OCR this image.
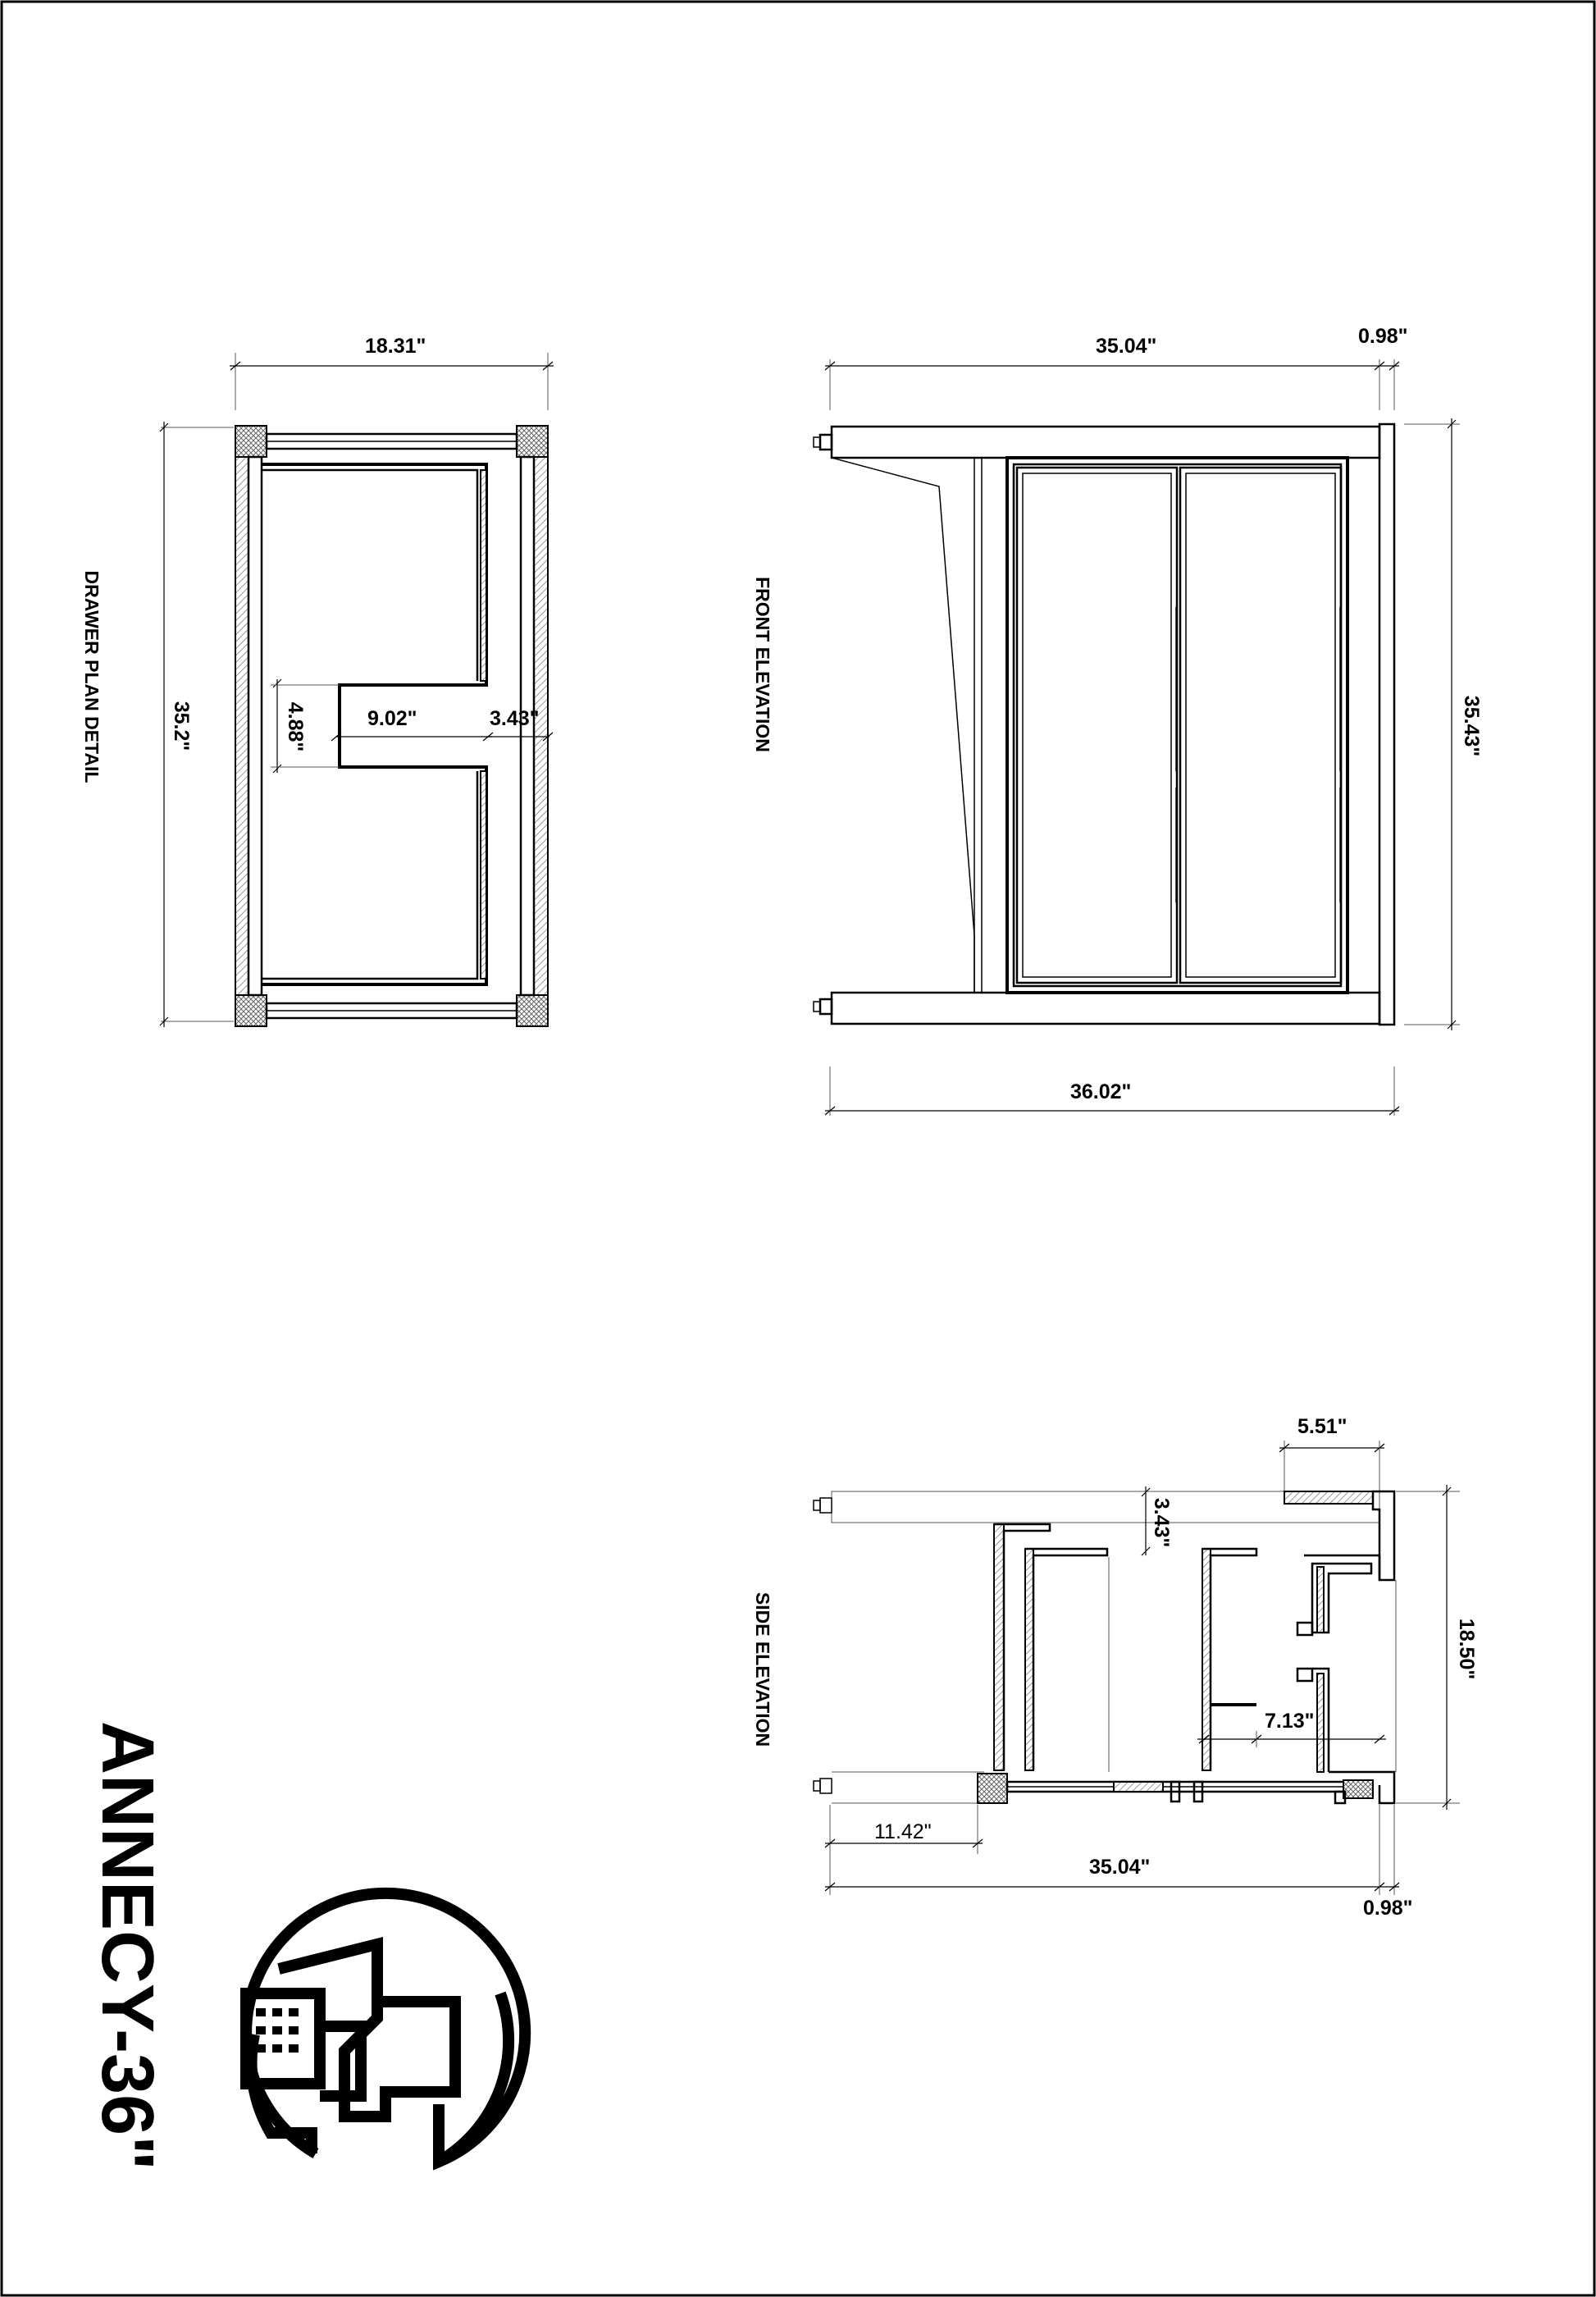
18.31"
35.2"
DRAWER PLAN DETAIL	4.88"	9.02"	3.43"
35.04"	0.98"
35.43"
FRONT ELEVATION
36.02"
5.51"
3.43"
7.13"
18.50"
SIDE ELEVATION
11.42"
35.04"
0.98"
ANNECY-36"
